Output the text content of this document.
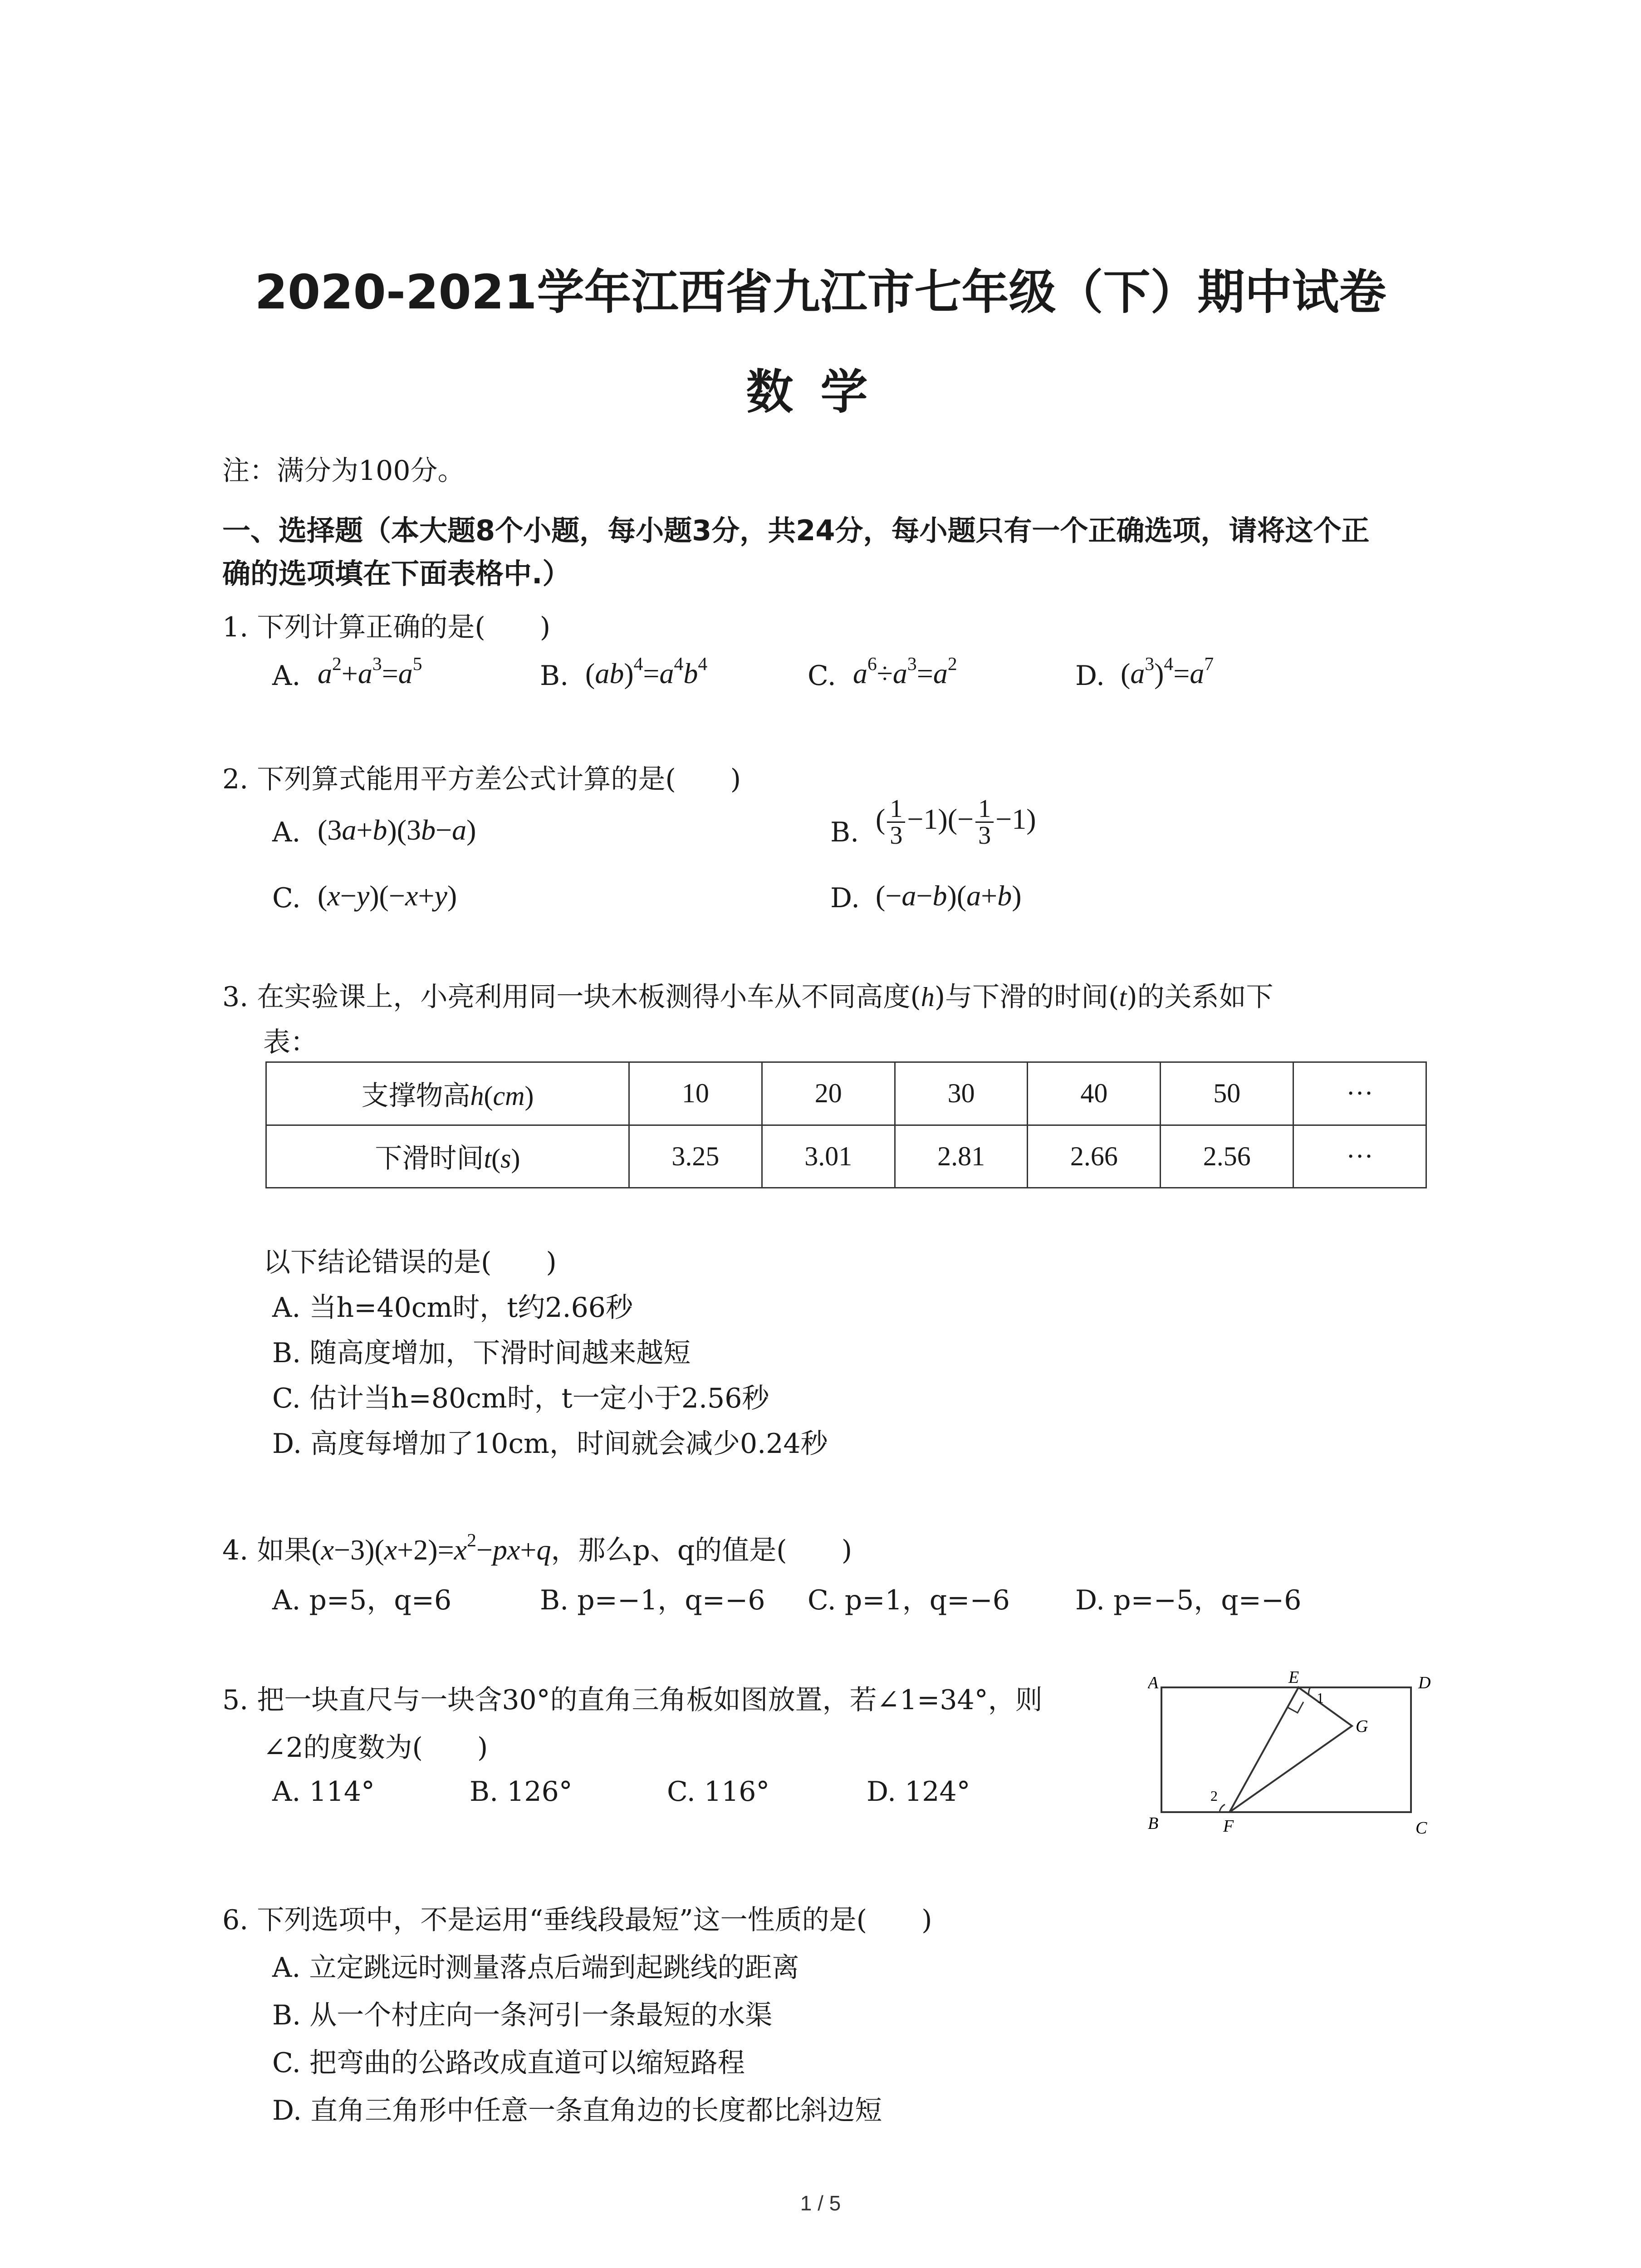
2020-2021学年江西省九江市七年级（下）期中试卷
数学
注：满分为100分。
一、选择题（本大题8个小题，每小题3分，共24分，每小题只有一个正确选项，请将这个正
确的选项填在下面表格中.）
1. 下列计算正确的是(　　)
A. $a^2+a^3=a^5$	B. $(ab)^4=a^4b^4$	C. $a^6\div a^3=a^2$	D. $(a^3)^4=a^7$
2. 下列算式能用平方差公式计算的是(　　)
A. (3a+b)(3b−a)	B. ( $\frac{1}{3} -1)(- \frac{1}{3} -1)$
C. (x−y)(−x+y)	D. (−a−b)(a+b)
3. 在实验课上，小亮利用同一块木板测得小车从不同高度(h)与下滑的时间(t)的关系如下
表：
支撑物高h(cm)	10	20	30	40	50	···
下滑时间t(s)	3.25	3.01	2.81	2.66	2.56	···
以下结论错误的是(　　)
A. 当h=40cm时，t约2.66秒
B. 随高度增加，下滑时间越来越短
C. 估计当h=80cm时，t一定小于2.56秒
D. 高度每增加了10cm，时间就会减少0.24秒
4. 如果$(x-3)(x+2)=x^2-px+q$，那么p、q的值是(　　)
A. p=5，q=6	B. p=−1，q=−6 C. p=1，q=−6 D. p=−5，q=−6
5. 把一块直尺与一块含30°的直角三角板如图放置，若∠1=34°，则
∠2的度数为(　　)
A. 114°	B. 126°	C. 116°	D. 124°
A	E	D
1
G
2
B	F	C
6. 下列选项中，不是运用“垂线段最短”这一性质的是(　　)
A. 立定跳远时测量落点后端到起跳线的距离
B. 从一个村庄向一条河引一条最短的水渠
C. 把弯曲的公路改成直道可以缩短路程
D. 直角三角形中任意一条直角边的长度都比斜边短
1 / 5
